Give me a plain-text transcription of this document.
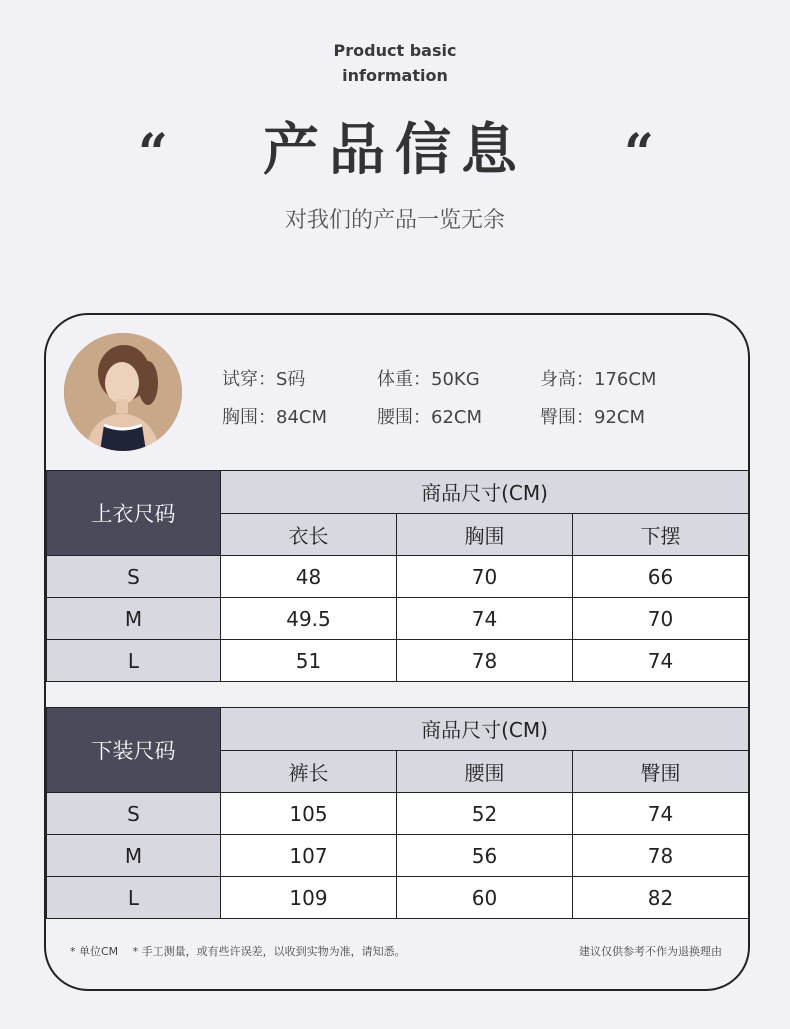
Product basic
information
“	产品信息	“
对我们的产品一览无余
试穿：S码	体重：50KG	身高：176CM
胸围：84CM	腰围：62CM	臀围：92CM
上衣尺码	商品尺寸(CM)		
	衣长	胸围	下摆
S	48	70	66
M	49.5	74	70
L	51	78	74
下装尺码	商品尺寸(CM)		
	裤长	腰围	臀围
S	105	52	74
M	107	56	78
L	109	60	82
* 单位CM　 * 手工测量，或有些许误差，以收到实物为准，请知悉。	建议仅供参考不作为退换理由
